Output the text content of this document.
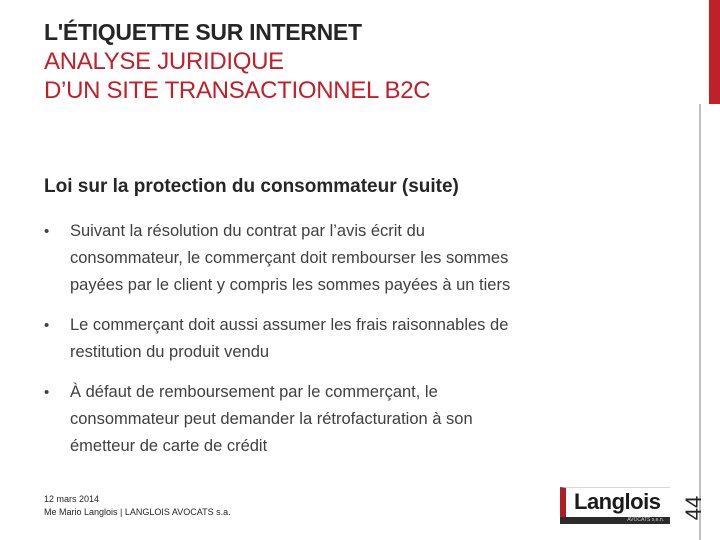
L'ÉTIQUETTE SUR INTERNET
ANALYSE JURIDIQUE
D’UN SITE TRANSACTIONNEL B2C
Loi sur la protection du consommateur (suite)
•	Suivant la résolution du contrat par l’avis écrit du
consommateur, le commerçant doit rembourser les sommes
payées par le client y compris les sommes payées à un tiers
•	Le commerçant doit aussi assumer les frais raisonnables de
restitution du produit vendu
•	À défaut de remboursement par le commerçant, le
consommateur peut demander la rétrofacturation à son
émetteur de carte de crédit
12 mars 2014
Me Mario Langlois | LANGLOIS AVOCATS s.a.	Langlois
AVOCATS s.e.n. 44
